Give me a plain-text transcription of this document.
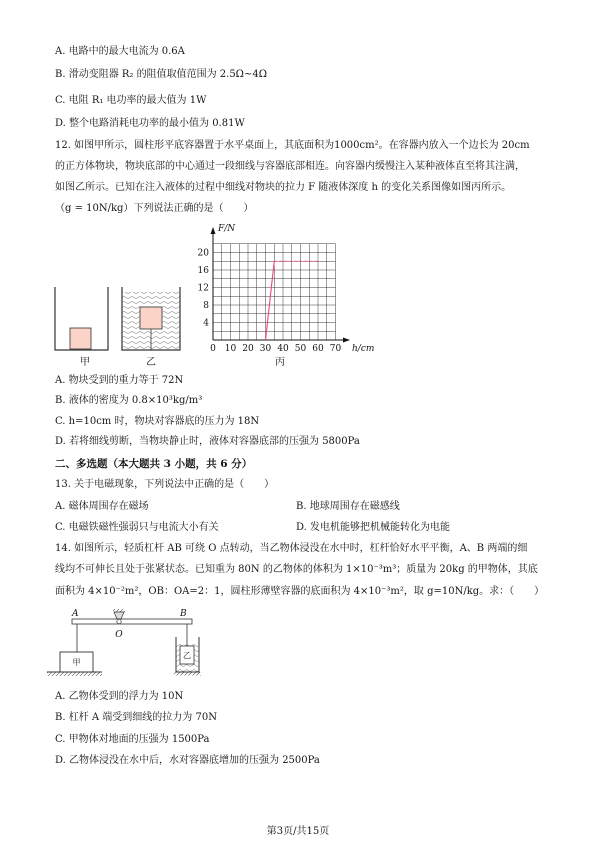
A. 电路中的最大电流为 0.6A
B. 滑动变阻器 R₂ 的阻值取值范围为 2.5Ω~4Ω
C. 电阻 R₁ 电功率的最大值为 1W
D. 整个电路消耗电功率的最小值为 0.81W
12. 如图甲所示，圆柱形平底容器置于水平桌面上，其底面积为1000cm²。在容器内放入一个边长为 20cm
的正方体物块，物块底部的中心通过一段细线与容器底部相连。向容器内缓慢注入某种液体直至将其注满，
如图乙所示。已知在注入液体的过程中细线对物块的拉力 F 随液体深度 h 的变化关系图像如图丙所示。
（g = 10N/kg）下列说法正确的是（　　）
甲	乙
0 10 20 30 40 50 60 70
4
8
12
16
20
F/N
h/cm
丙
A. 物块受到的重力等于 72N
B. 液体的密度为 0.8×10³kg/m³
C. h=10cm 时，物块对容器底的压力为 18N
D. 若将细线剪断，当物块静止时，液体对容器底部的压强为 5800Pa
二、多选题（本大题共 3 小题，共 6 分）
13. 关于电磁现象，下列说法中正确的是（　　）
A. 磁体周围存在磁场	B. 地球周围存在磁感线
C. 电磁铁磁性强弱只与电流大小有关	D. 发电机能够把机械能转化为电能
14. 如图所示，轻质杠杆 AB 可绕 O 点转动，当乙物体浸没在水中时，杠杆恰好水平平衡，A、B 两端的细
线均不可伸长且处于张紧状态。已知重为 80N 的乙物体的体积为 1×10⁻³m³；质量为 20kg 的甲物体，其底
面积为 4×10⁻²m²，OB：OA=2：1，圆柱形薄壁容器的底面积为 4×10⁻³m²，取 g=10N/kg。求：（　　）
A	B
O
甲
乙
A. 乙物体受到的浮力为 10N
B. 杠杆 A 端受到细线的拉力为 70N
C. 甲物体对地面的压强为 1500Pa
D. 乙物体浸没在水中后，水对容器底增加的压强为 2500Pa
第3页/共15页
